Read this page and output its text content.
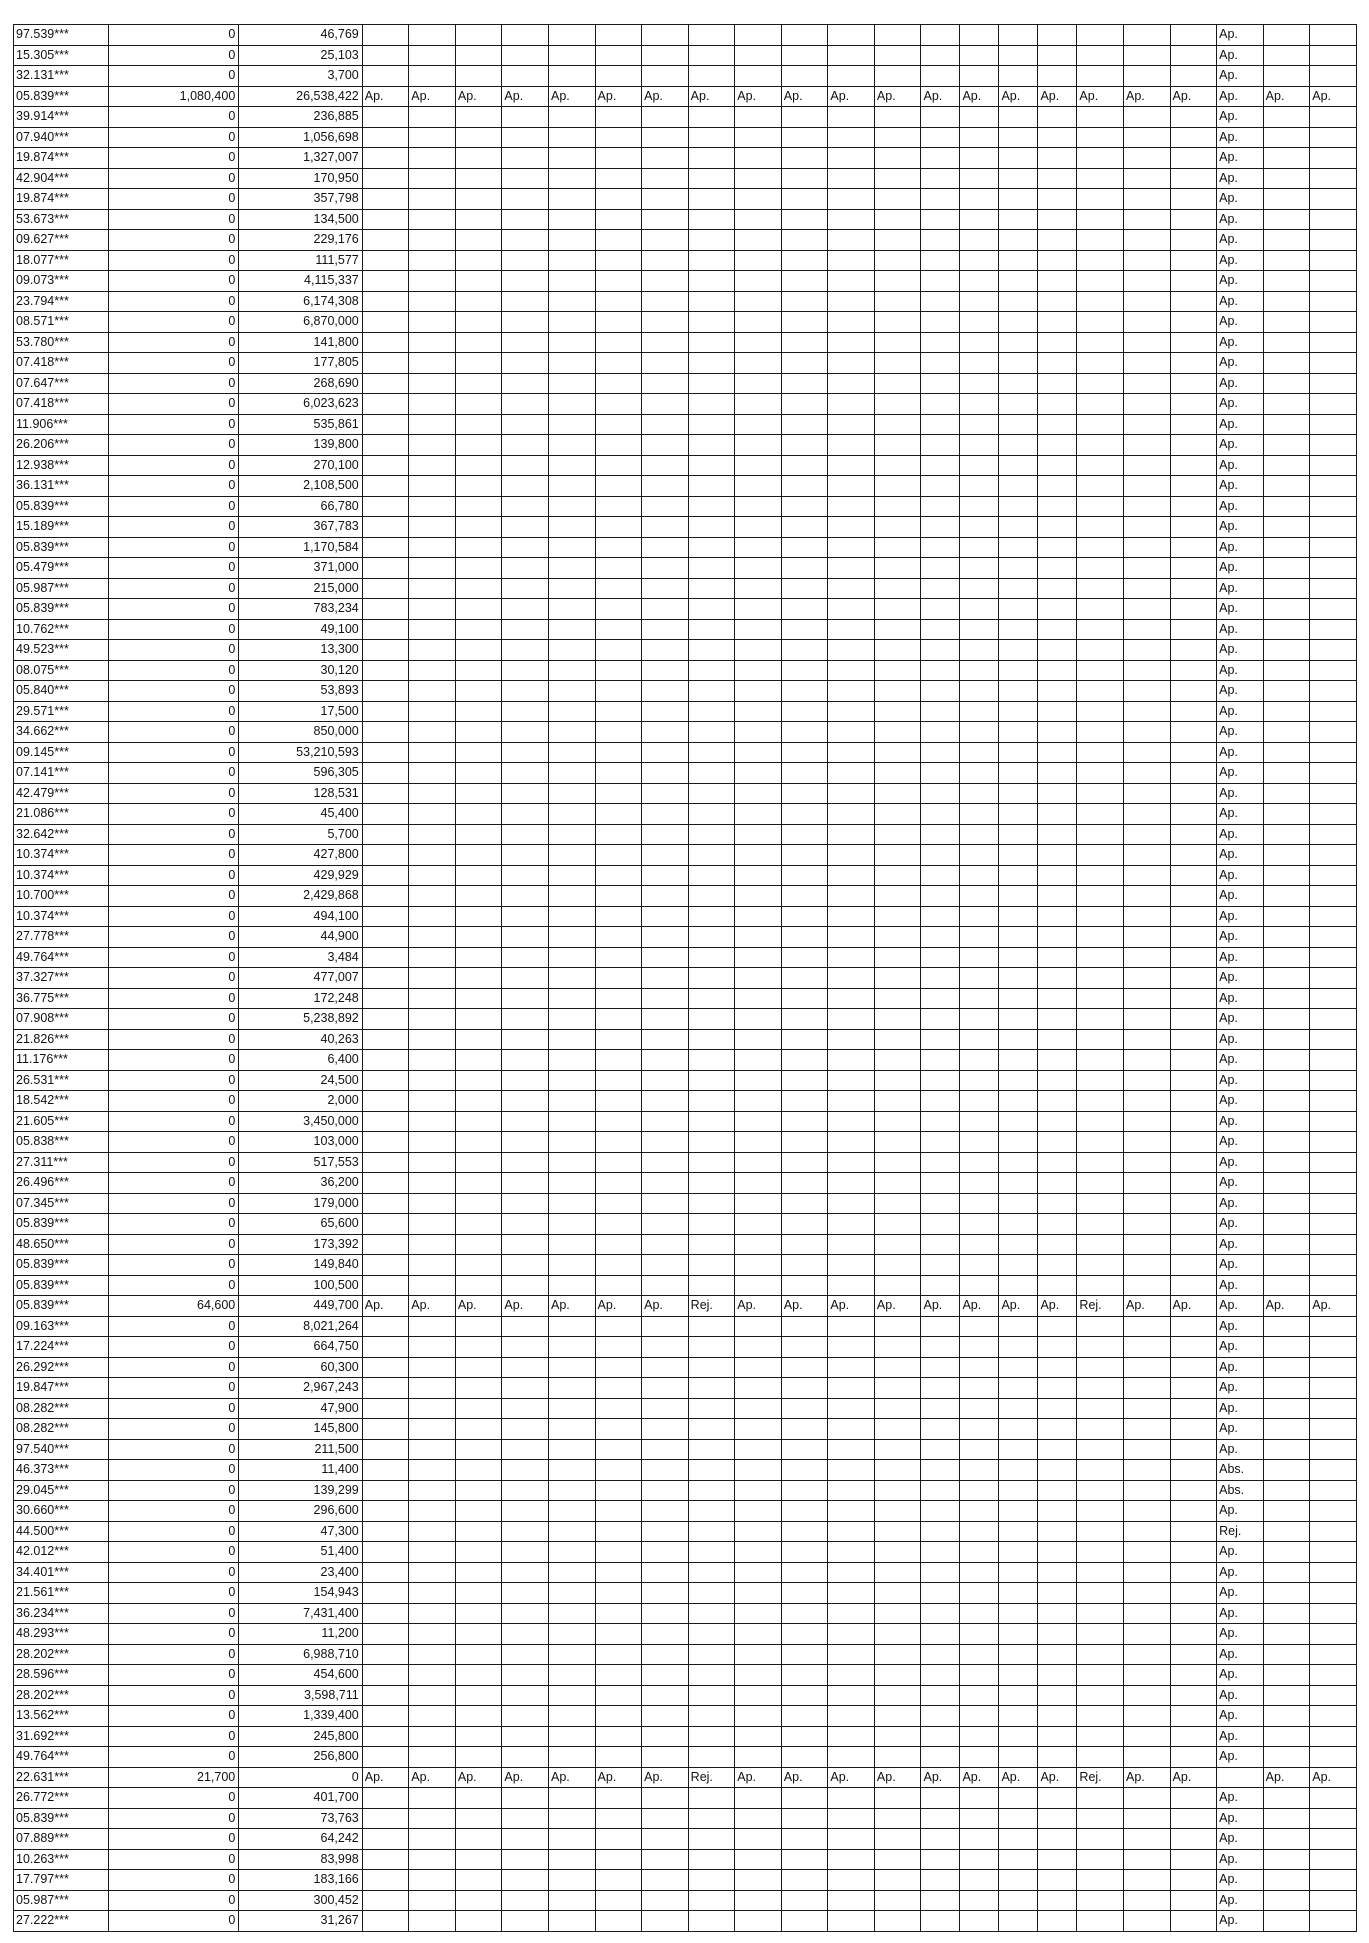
97.539***	0	46,769																				Ap.		
15.305***	0	25,103																				Ap.		
32.131***	0	3,700																				Ap.		
05.839***	1,080,400	26,538,422	Ap.	Ap.	Ap.	Ap.	Ap.	Ap.	Ap.	Ap.	Ap.	Ap.	Ap.	Ap.	Ap.	Ap.	Ap.	Ap.	Ap.	Ap.	Ap.	Ap.	Ap.	Ap.
39.914***	0	236,885																				Ap.		
07.940***	0	1,056,698																				Ap.		
19.874***	0	1,327,007																				Ap.		
42.904***	0	170,950																				Ap.		
19.874***	0	357,798																				Ap.		
53.673***	0	134,500																				Ap.		
09.627***	0	229,176																				Ap.		
18.077***	0	111,577																				Ap.		
09.073***	0	4,115,337																				Ap.		
23.794***	0	6,174,308																				Ap.		
08.571***	0	6,870,000																				Ap.		
53.780***	0	141,800																				Ap.		
07.418***	0	177,805																				Ap.		
07.647***	0	268,690																				Ap.		
07.418***	0	6,023,623																				Ap.		
11.906***	0	535,861																				Ap.		
26.206***	0	139,800																				Ap.		
12.938***	0	270,100																				Ap.		
36.131***	0	2,108,500																				Ap.		
05.839***	0	66,780																				Ap.		
15.189***	0	367,783																				Ap.		
05.839***	0	1,170,584																				Ap.		
05.479***	0	371,000																				Ap.		
05.987***	0	215,000																				Ap.		
05.839***	0	783,234																				Ap.		
10.762***	0	49,100																				Ap.		
49.523***	0	13,300																				Ap.		
08.075***	0	30,120																				Ap.		
05.840***	0	53,893																				Ap.		
29.571***	0	17,500																				Ap.		
34.662***	0	850,000																				Ap.		
09.145***	0	53,210,593																				Ap.		
07.141***	0	596,305																				Ap.		
42.479***	0	128,531																				Ap.		
21.086***	0	45,400																				Ap.		
32.642***	0	5,700																				Ap.		
10.374***	0	427,800																				Ap.		
10.374***	0	429,929																				Ap.		
10.700***	0	2,429,868																				Ap.		
10.374***	0	494,100																				Ap.		
27.778***	0	44,900																				Ap.		
49.764***	0	3,484																				Ap.		
37.327***	0	477,007																				Ap.		
36.775***	0	172,248																				Ap.		
07.908***	0	5,238,892																				Ap.		
21.826***	0	40,263																				Ap.		
11.176***	0	6,400																				Ap.		
26.531***	0	24,500																				Ap.		
18.542***	0	2,000																				Ap.		
21.605***	0	3,450,000																				Ap.		
05.838***	0	103,000																				Ap.		
27.311***	0	517,553																				Ap.		
26.496***	0	36,200																				Ap.		
07.345***	0	179,000																				Ap.		
05.839***	0	65,600																				Ap.		
48.650***	0	173,392																				Ap.		
05.839***	0	149,840																				Ap.		
05.839***	0	100,500																				Ap.		
05.839***	64,600	449,700	Ap.	Ap.	Ap.	Ap.	Ap.	Ap.	Ap.	Rej.	Ap.	Ap.	Ap.	Ap.	Ap.	Ap.	Ap.	Ap.	Rej.	Ap.	Ap.	Ap.	Ap.	Ap.
09.163***	0	8,021,264																				Ap.		
17.224***	0	664,750																				Ap.		
26.292***	0	60,300																				Ap.		
19.847***	0	2,967,243																				Ap.		
08.282***	0	47,900																				Ap.		
08.282***	0	145,800																				Ap.		
97.540***	0	211,500																				Ap.		
46.373***	0	11,400																				Abs.		
29.045***	0	139,299																				Abs.		
30.660***	0	296,600																				Ap.		
44.500***	0	47,300																				Rej.		
42.012***	0	51,400																				Ap.		
34.401***	0	23,400																				Ap.		
21.561***	0	154,943																				Ap.		
36.234***	0	7,431,400																				Ap.		
48.293***	0	11,200																				Ap.		
28.202***	0	6,988,710																				Ap.		
28.596***	0	454,600																				Ap.		
28.202***	0	3,598,711																				Ap.		
13.562***	0	1,339,400																				Ap.		
31.692***	0	245,800																				Ap.		
49.764***	0	256,800																				Ap.		
22.631***	21,700	0	Ap.	Ap.	Ap.	Ap.	Ap.	Ap.	Ap.	Rej.	Ap.	Ap.	Ap.	Ap.	Ap.	Ap.	Ap.	Ap.	Rej.	Ap.	Ap.		Ap.	Ap.
26.772***	0	401,700																				Ap.		
05.839***	0	73,763																				Ap.		
07.889***	0	64,242																				Ap.		
10.263***	0	83,998																				Ap.		
17.797***	0	183,166																				Ap.		
05.987***	0	300,452																				Ap.		
27.222***	0	31,267																				Ap.		
